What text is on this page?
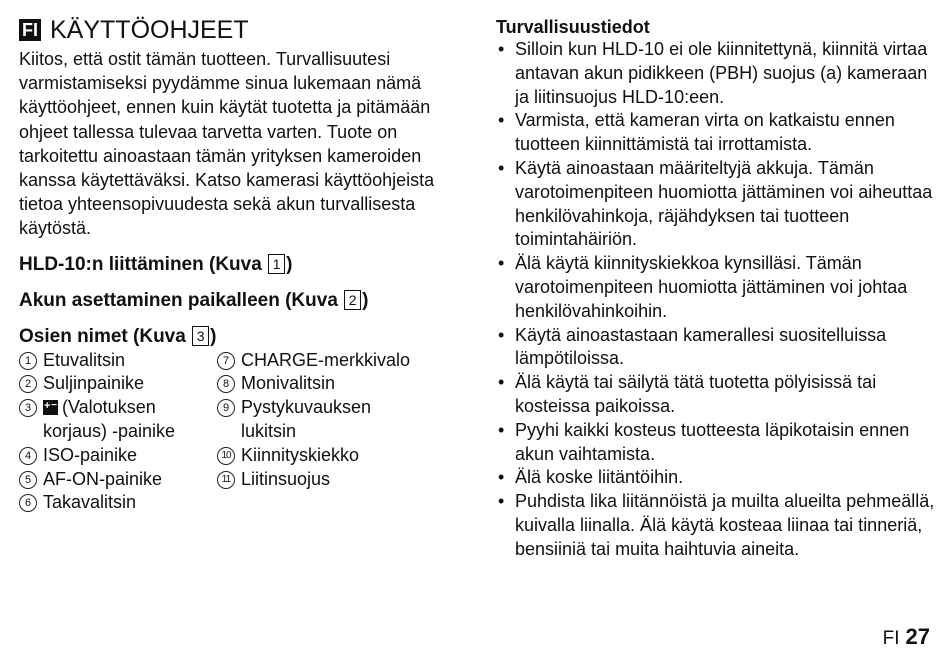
FI KÄYTTÖOHJEET
Kiitos, että ostit tämän tuotteen. Turvallisuutesi varmistamiseksi pyydämme sinua lukemaan nämä käyttöohjeet, ennen kuin käytät tuotetta ja pitämään ohjeet tallessa tulevaa tarvetta varten. Tuote on tarkoitettu ainoastaan tämän yrityksen kameroiden kanssa käytettäväksi. Katso kamerasi käyttöohjeista tietoa yhteensopivuudesta sekä akun turvallisesta käytöstä.
HLD-10:n liittäminen (Kuva 1 )
Akun asettaminen paikalleen (Kuva 2 )
Osien nimet (Kuva 3 )
1 Etuvalitsin
2 Suljinpainike
3
+ −	(Valotuksen
korjaus) -painike
4 ISO-painike
5 AF-ON-painike
6 Takavalitsin
7 CHARGE-merkkivalo
8 Monivalitsin
9 Pystykuvauksen
lukitsin
10 Kiinnityskiekko
11 Liitinsuojus
Turvallisuustiedot
• Silloin kun HLD-10 ei ole kiinnitettynä, kiinnitä virtaa antavan akun pidikkeen (PBH) suojus (a) kameraan ja liitinsuojus HLD-10:een.
• Varmista, että kameran virta on katkaistu ennen tuotteen kiinnittämistä tai irrottamista.
• Käytä ainoastaan määriteltyjä akkuja. Tämän varotoimenpiteen huomiotta jättäminen voi aiheuttaa henkilövahinkoja, räjähdyksen tai tuotteen toimintahäiriön.
• Älä käytä kiinnityskiekkoa kynsilläsi. Tämän varotoimenpiteen huomiotta jättäminen voi johtaa henkilövahinkoihin.
• Käytä ainoastastaan kamerallesi suositelluissa lämpötiloissa.
• Älä käytä tai säilytä tätä tuotetta pölyisissä tai kosteissa paikoissa.
• Pyyhi kaikki kosteus tuotteesta läpikotaisin ennen akun vaihtamista.
• Älä koske liitäntöihin.
• Puhdista lika liitännöistä ja muilta alueilta pehmeällä, kuivalla liinalla. Älä käytä kosteaa liinaa tai tinneriä, bensiiniä tai muita haihtuvia aineita.
FI 27
